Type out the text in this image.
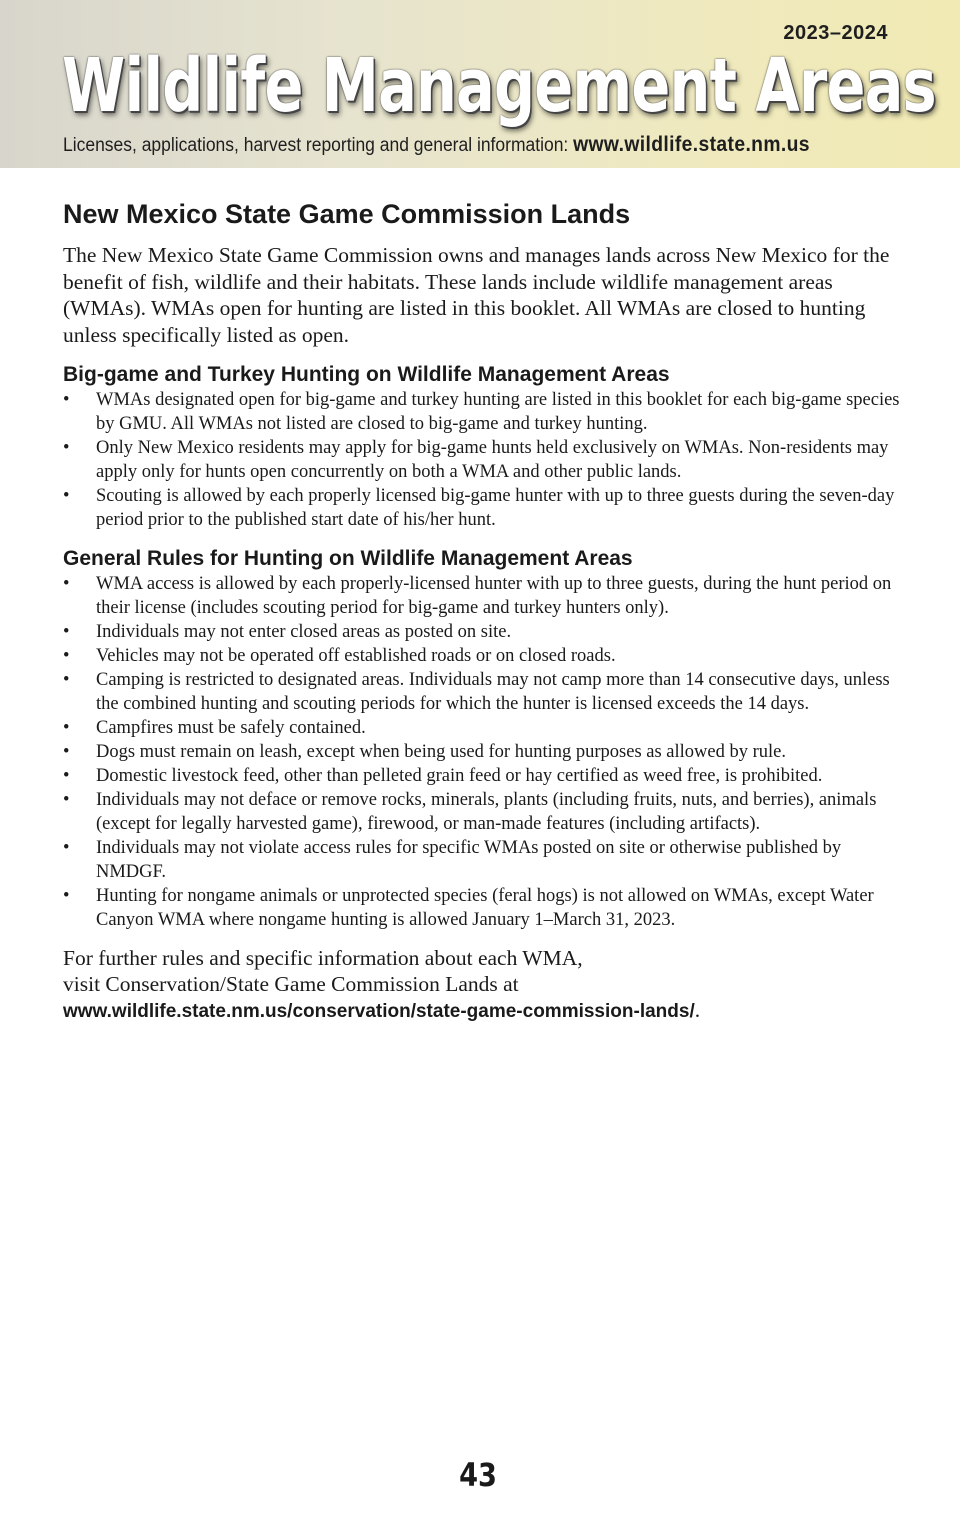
2023–2024
Wildlife Management Areas
Licenses, applications, harvest reporting and general information: www.wildlife.state.nm.us
New Mexico State Game Commission Lands

The New Mexico State Game Commission owns and manages lands across New Mexico for the benefit of fish, wildlife and their habitats. These lands include wildlife management areas (WMAs). WMAs open for hunting are listed in this booklet. All WMAs are closed to hunting unless specifically listed as open.

Big-game and Turkey Hunting on Wildlife Management Areas
• WMAs designated open for big-game and turkey hunting are listed in this booklet for each big-game species by GMU. All WMAs not listed are closed to big-game and turkey hunting.
• Only New Mexico residents may apply for big-game hunts held exclusively on WMAs. Non-residents may apply only for hunts open concurrently on both a WMA and other public lands.
• Scouting is allowed by each properly licensed big-game hunter with up to three guests during the seven-day period prior to the published start date of his/her hunt.
General Rules for Hunting on Wildlife Management Areas
• WMA access is allowed by each properly-licensed hunter with up to three guests, during the hunt period on their license (includes scouting period for big-game and turkey hunters only).
• Individuals may not enter closed areas as posted on site.
• Vehicles may not be operated off established roads or on closed roads.
• Camping is restricted to designated areas. Individuals may not camp more than 14 consecutive days, unless the combined hunting and scouting periods for which the hunter is licensed exceeds the 14 days.
• Campfires must be safely contained.
• Dogs must remain on leash, except when being used for hunting purposes as allowed by rule.
• Domestic livestock feed, other than pelleted grain feed or hay certified as weed free, is prohibited.
• Individuals may not deface or remove rocks, minerals, plants (including fruits, nuts, and berries), animals (except for legally harvested game), firewood, or man-made features (including artifacts).
• Individuals may not violate access rules for specific WMAs posted on site or otherwise published by NMDGF.
• Hunting for nongame animals or unprotected species (feral hogs) is not allowed on WMAs, except Water Canyon WMA where nongame hunting is allowed January 1–March 31, 2023.

For further rules and specific information about each WMA,
visit Conservation/State Game Commission Lands at
www.wildlife.state.nm.us/conservation/state-game-commission-lands/.

43
